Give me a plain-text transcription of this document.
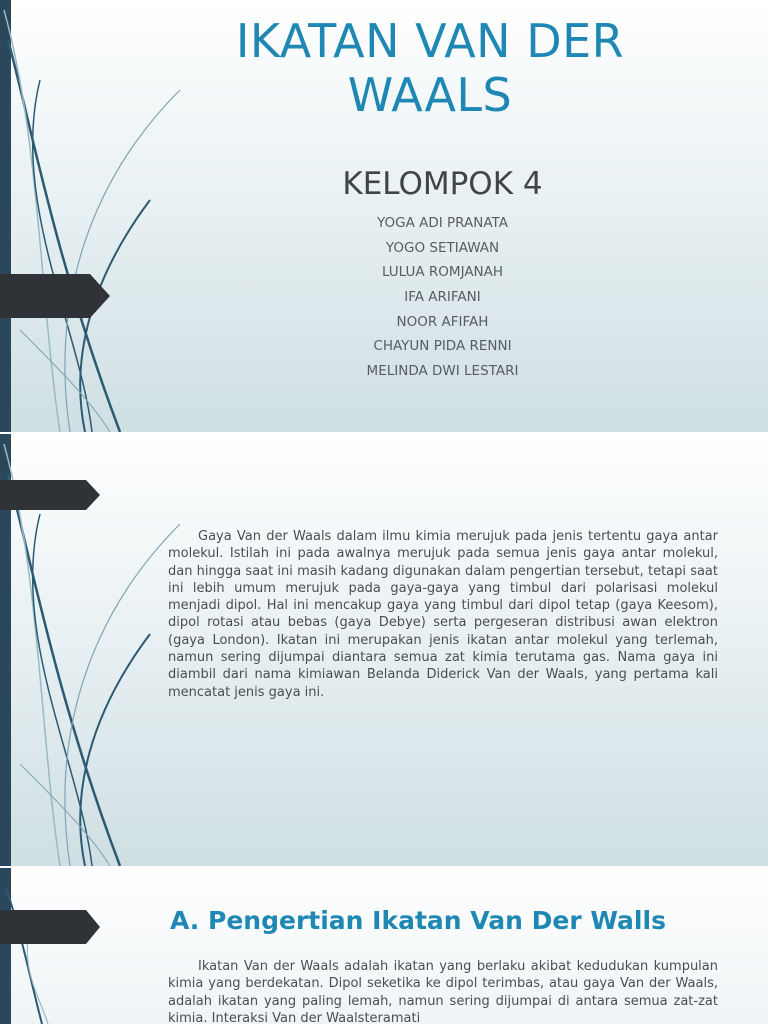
IKATAN VAN DER WAALS
KELOMPOK 4
YOGA ADI PRANATA
YOGO SETIAWAN
LULUA ROMJANAH
IFA ARIFANI
NOOR AFIFAH
CHAYUN PIDA RENNI
MELINDA DWI LESTARI

Gaya Van der Waals dalam ilmu kimia merujuk pada jenis tertentu gaya antar molekul. Istilah ini pada awalnya merujuk pada semua jenis gaya antar molekul, dan hingga saat ini masih kadang digunakan dalam pengertian tersebut, tetapi saat ini lebih umum merujuk pada gaya-gaya yang timbul dari polarisasi molekul menjadi dipol. Hal ini mencakup gaya yang timbul dari dipol tetap (gaya Keesom), dipol rotasi atau bebas (gaya Debye) serta pergeseran distribusi awan elektron (gaya London). Ikatan ini merupakan jenis ikatan antar molekul yang terlemah, namun sering dijumpai diantara semua zat kimia terutama gas. Nama gaya ini diambil dari nama kimiawan Belanda Diderick Van der Waals, yang pertama kali mencatat jenis gaya ini.

A. Pengertian Ikatan Van Der Walls

Ikatan Van der Waals adalah ikatan yang berlaku akibat kedudukan kumpulan kimia yang berdekatan. Dipol seketika ke dipol terimbas, atau gaya Van der Waals, adalah ikatan yang paling lemah, namun sering dijumpai di antara semua zat-zat kimia. Interaksi Van der Waalsteramati
